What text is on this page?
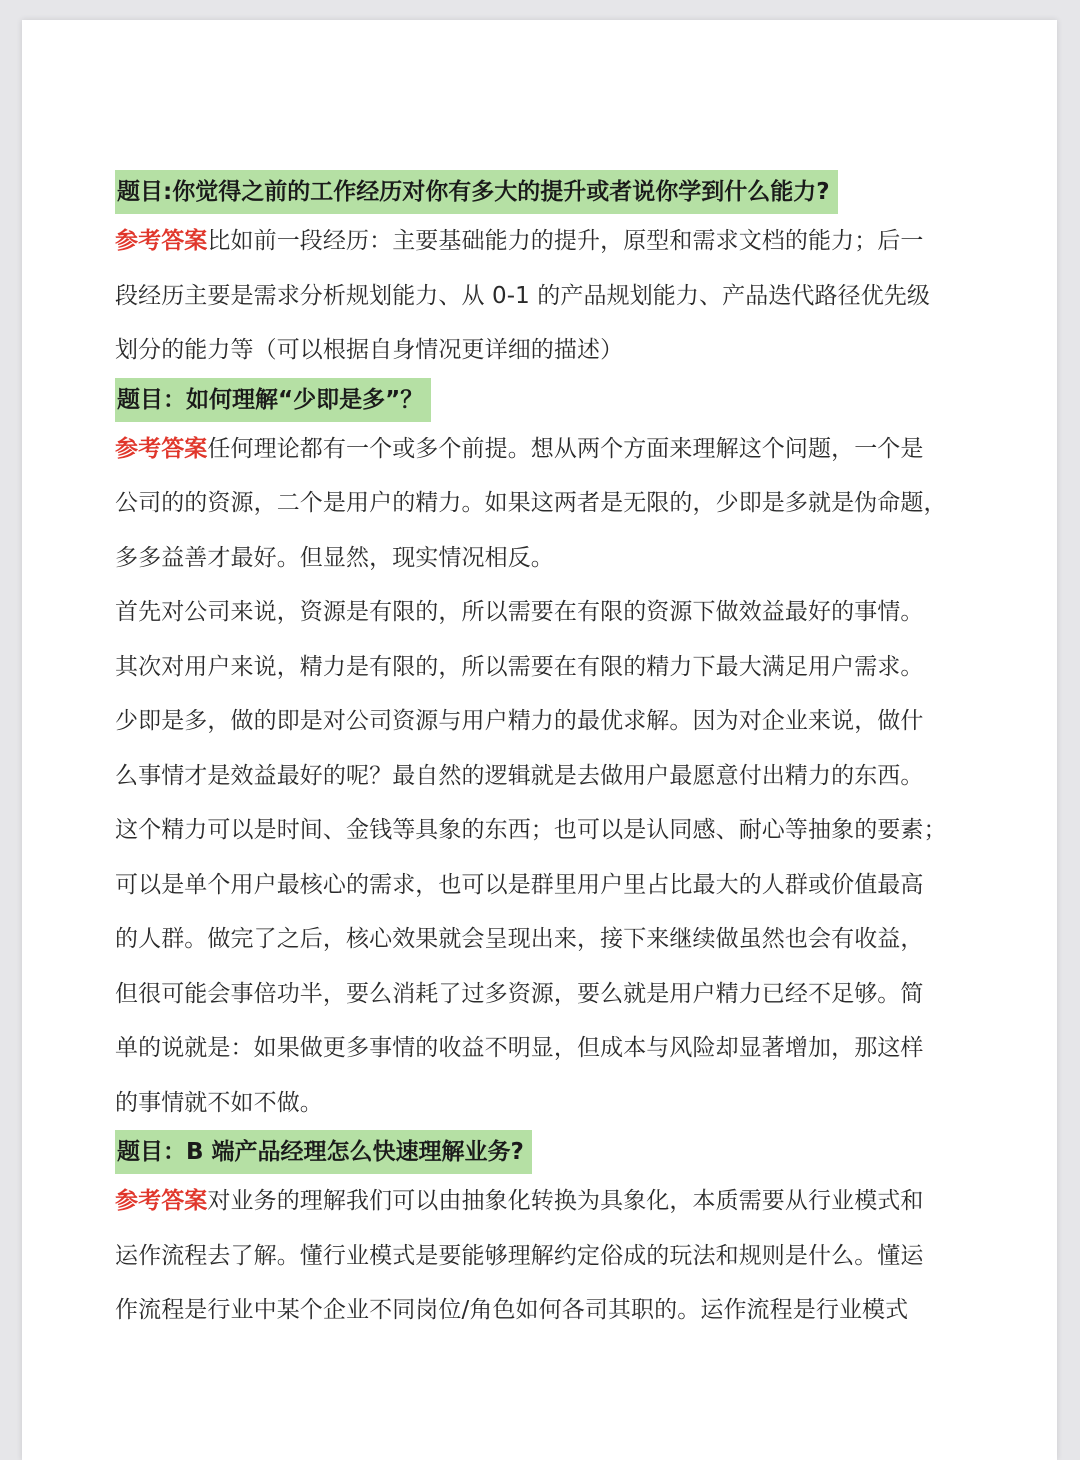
题目:你觉得之前的工作经历对你有多大的提升或者说你学到什么能力?

参考答案比如前一段经历：主要基础能力的提升，原型和需求文档的能力；后一

段经历主要是需求分析规划能力、从 0-1 的产品规划能力、产品迭代路径优先级

划分的能力等（可以根据自身情况更详细的描述）

题目：如何理解“少即是多”？

参考答案任何理论都有一个或多个前提。想从两个方面来理解这个问题，一个是

公司的的资源，二个是用户的精力。如果这两者是无限的，少即是多就是伪命题，

多多益善才最好。但显然，现实情况相反。

首先对公司来说，资源是有限的，所以需要在有限的资源下做效益最好的事情。

其次对用户来说，精力是有限的，所以需要在有限的精力下最大满足用户需求。

少即是多，做的即是对公司资源与用户精力的最优求解。因为对企业来说，做什

么事情才是效益最好的呢？最自然的逻辑就是去做用户最愿意付出精力的东西。

这个精力可以是时间、金钱等具象的东西；也可以是认同感、耐心等抽象的要素；

可以是单个用户最核心的需求，也可以是群里用户里占比最大的人群或价值最高

的人群。做完了之后，核心效果就会呈现出来，接下来继续做虽然也会有收益，

但很可能会事倍功半，要么消耗了过多资源，要么就是用户精力已经不足够。简

单的说就是：如果做更多事情的收益不明显，但成本与风险却显著增加，那这样

的事情就不如不做。

题目：B 端产品经理怎么快速理解业务?

参考答案对业务的理解我们可以由抽象化转换为具象化，本质需要从行业模式和

运作流程去了解。懂行业模式是要能够理解约定俗成的玩法和规则是什么。懂运

作流程是行业中某个企业不同岗位/角色如何各司其职的。运作流程是行业模式
